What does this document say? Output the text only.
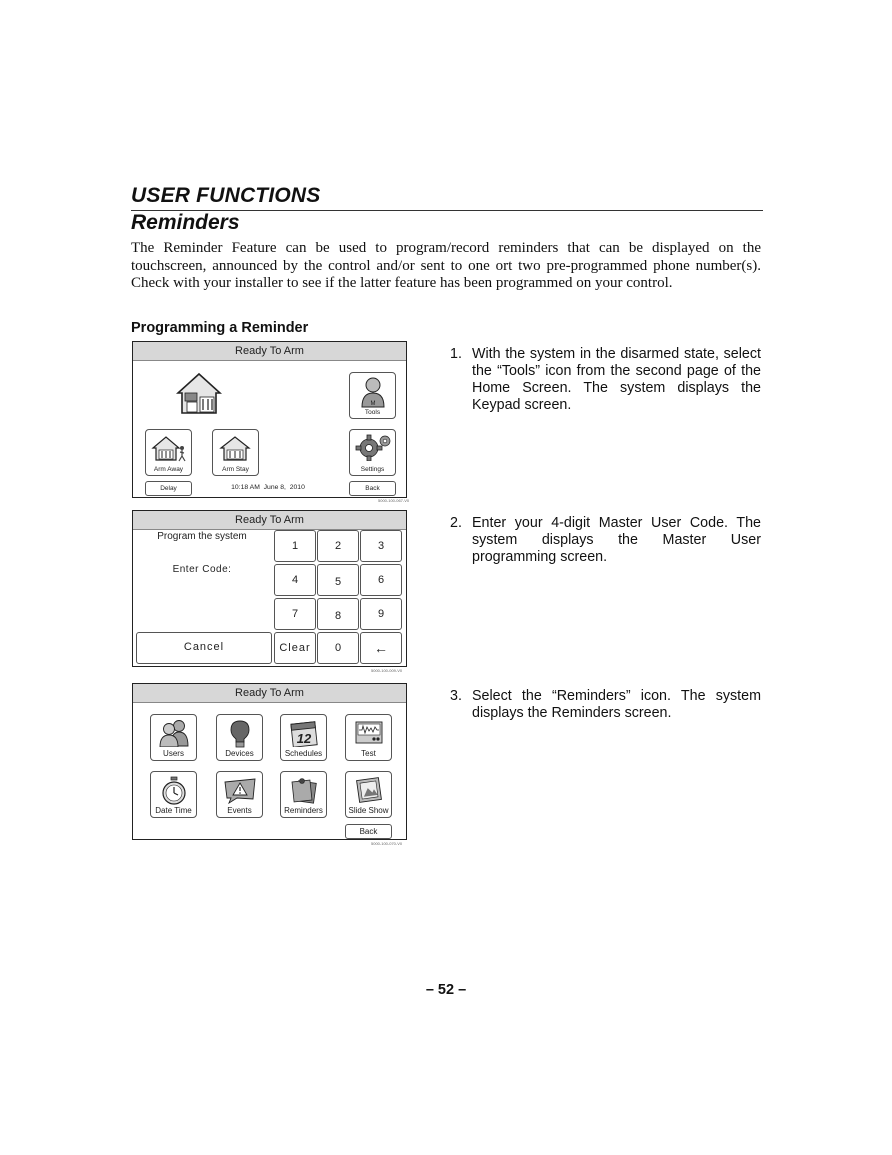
USER FUNCTIONS
Reminders
The Reminder Feature can be used to program/record reminders that can be displayed on the touchscreen, announced by the control and/or sent to one ort two pre-programmed phone number(s). Check with your installer to see if the latter feature has been programmed on your control.
Programming a Reminder
Ready To Arm
M
Tools
Arm Away	Arm Stay	Settings
Delay	10:18 AM  June 8,  2010	Back
5000-100-067-V0
Ready To Arm
Program the system
Enter Code:
1	2	3
4	5	6
7	8	9
Cancel	Clear	0	←
5000-100-009-V0
Ready To Arm
Users	Devices
12
Schedules	Test
Date Time	Events	Reminders	Slide Show
Back
5000-100-070-V0
1. With the system in the disarmed state, select the “Tools” icon from the second page of the Home Screen. The system displays the Keypad screen.
2. Enter your 4-digit Master User Code. The system displays the Master User programming screen.
3. Select the “Reminders” icon. The system displays the Reminders screen.
– 52 –
